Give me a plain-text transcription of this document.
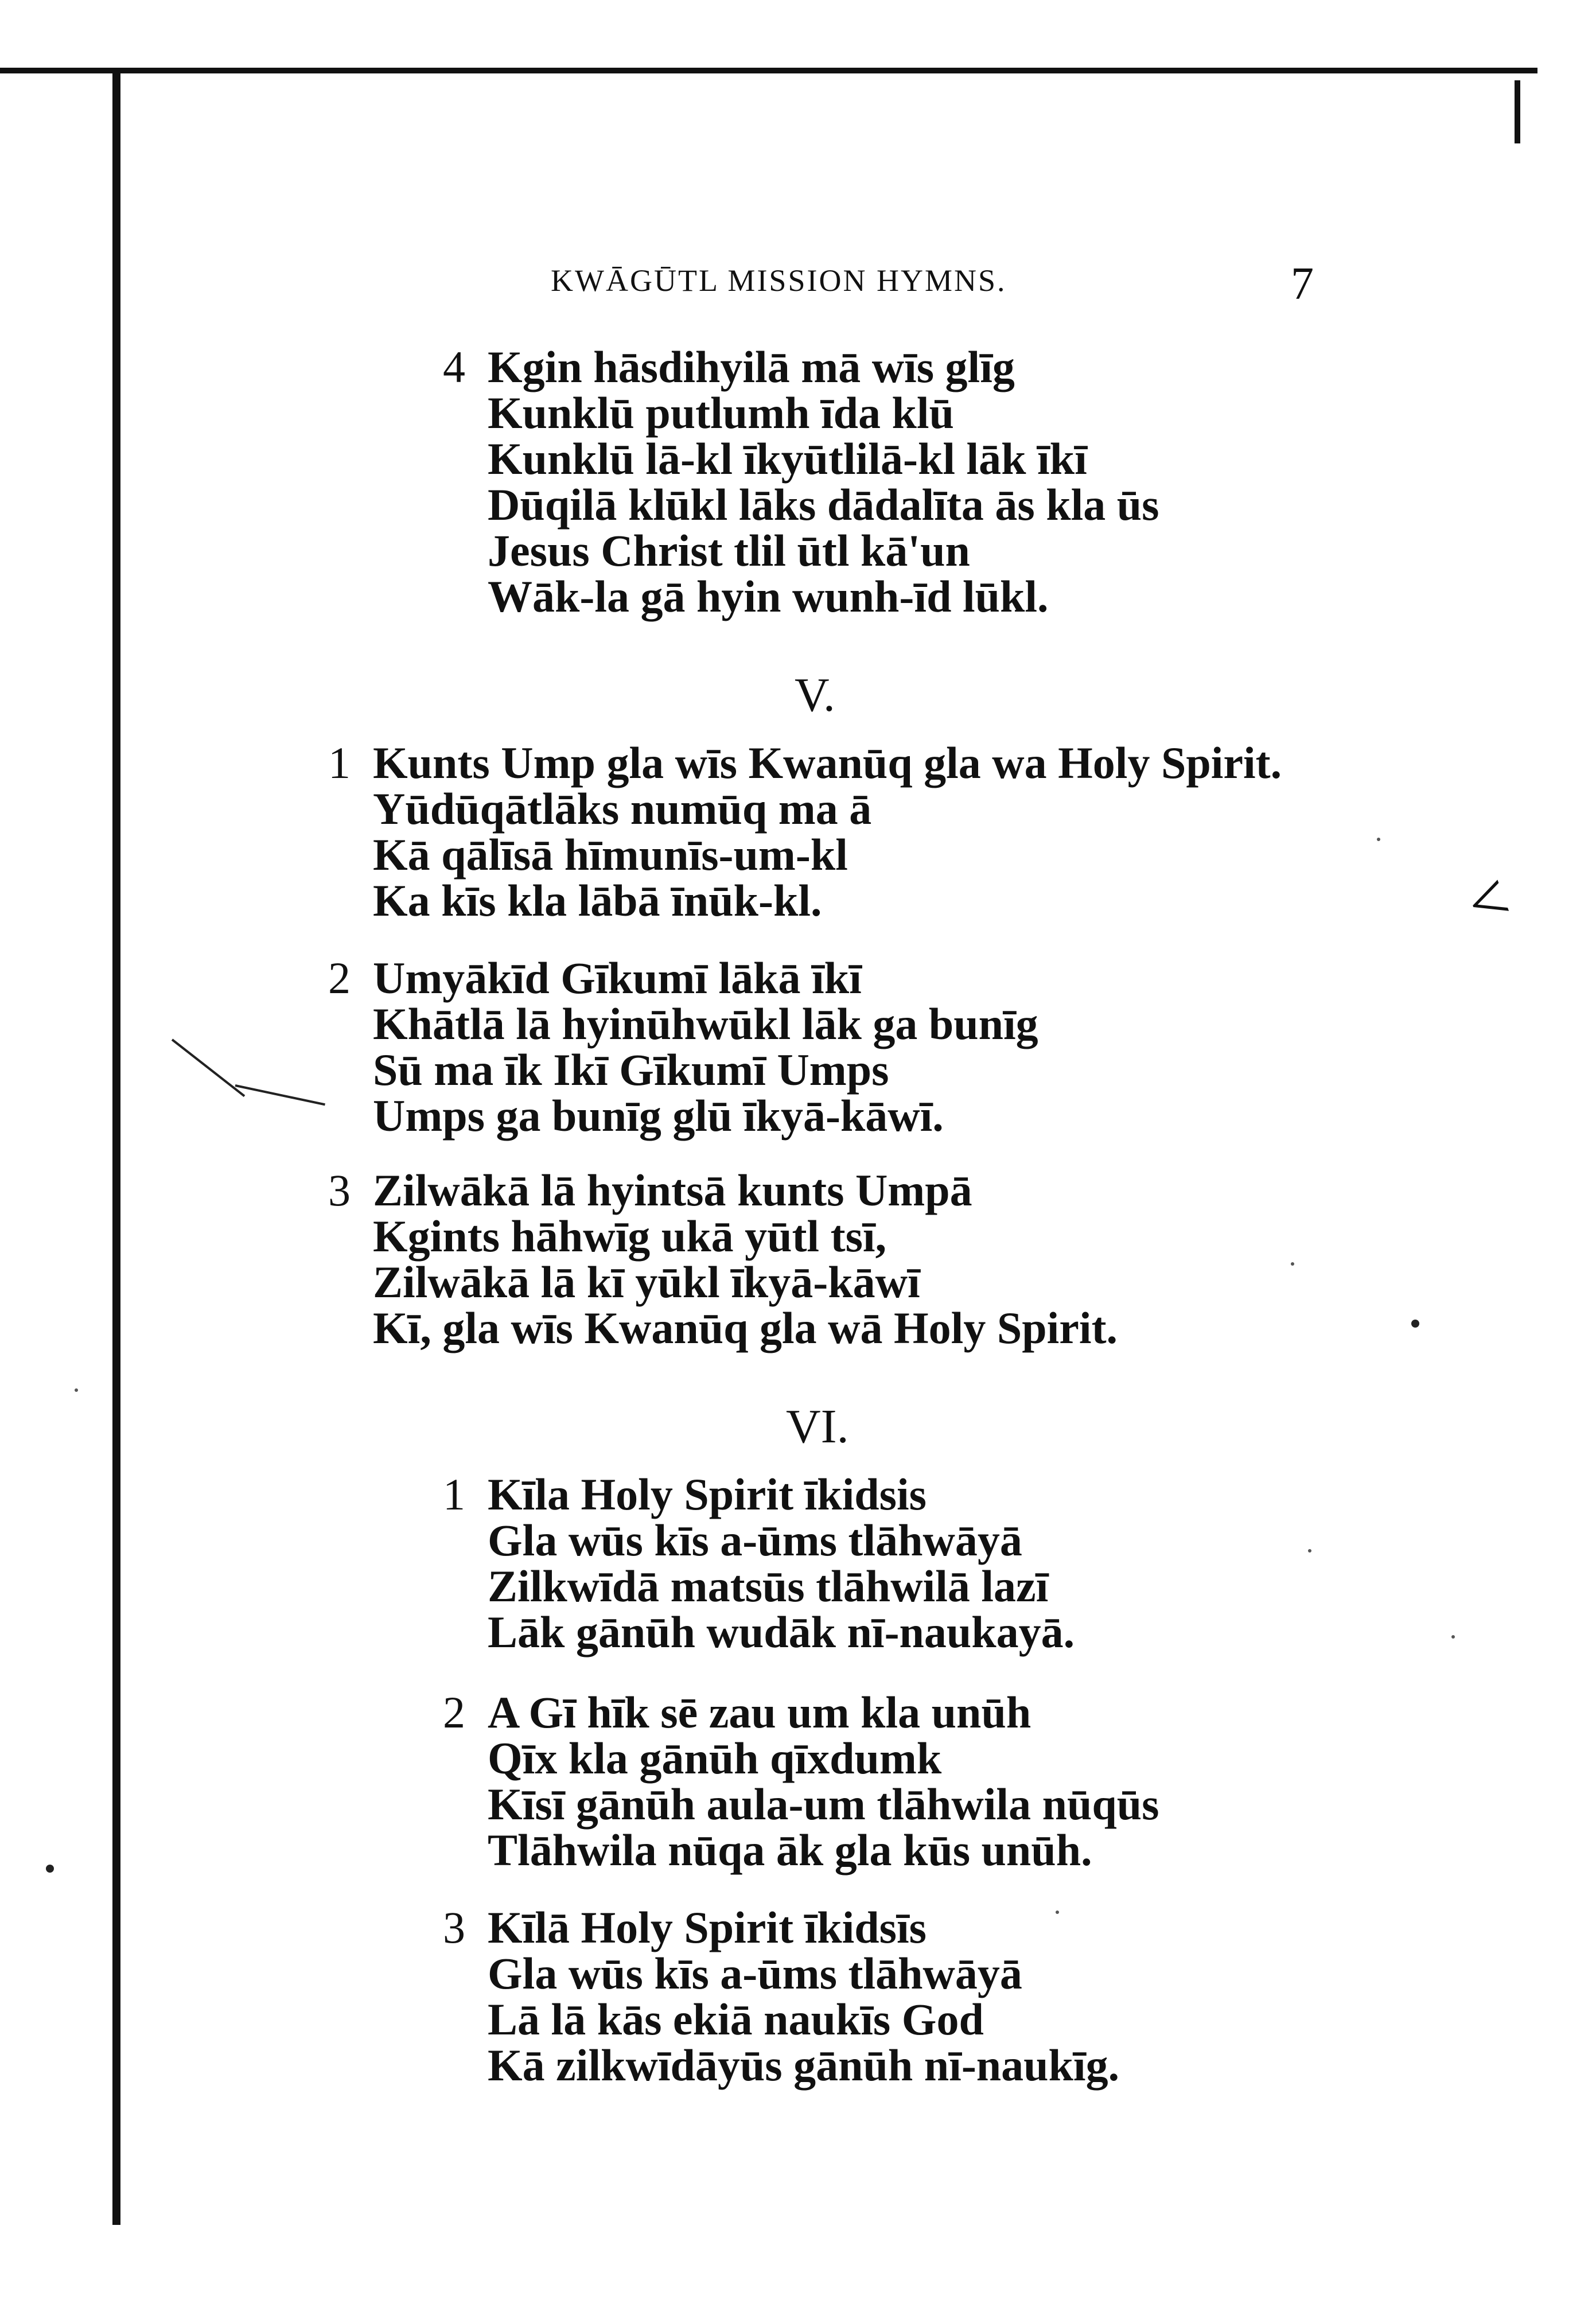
KWĀGŪTL MISSION HYMNS.	7
4 Kgin hāsdihyilā mā wīs glīg
Kunklū putlumh īda klū
Kunklū lā-kl īkyūtlilā-kl lāk īkī
Dūqilā klūkl lāks dādalīta ās kla ūs
Jesus Christ tlil ūtl kā'un
Wāk-la gā hyin wunh-īd lūkl.
V.
1 Kunts Ump gla wīs Kwanūq gla wa Holy Spirit.
Yūdūqātlāks numūq ma ā
Kā qālīsā hīmunīs-um-kl
Ka kīs kla lābā īnūk-kl.
2 Umyākīd Gīkumī lākā īkī
Khātlā lā hyinūhwūkl lāk ga bunīg
Sū ma īk Ikī Gīkumī Umps
Umps ga bunīg glū īkyā-kāwī.
3 Zilwākā lā hyintsā kunts Umpā
Kgints hāhwīg ukā yūtl tsī,
Zilwākā lā kī yūkl īkyā-kāwī
Kī, gla wīs Kwanūq gla wā Holy Spirit.
VI.
1 Kīla Holy Spirit īkidsis
Gla wūs kīs a-ūms tlāhwāyā
Zilkwīdā matsūs tlāhwilā lazī
Lāk gānūh wudāk nī-naukayā.
2 A Gī hīk sē zau um kla unūh
Qīx kla gānūh qīxdumk
Kīsī gānūh aula-um tlāhwila nūqūs
Tlāhwila nūqa āk gla kūs unūh.
3 Kīlā Holy Spirit īkidsīs
Gla wūs kīs a-ūms tlāhwāyā
Lā lā kās ekiā naukīs God
Kā zilkwīdāyūs gānūh nī-naukīg.
<
